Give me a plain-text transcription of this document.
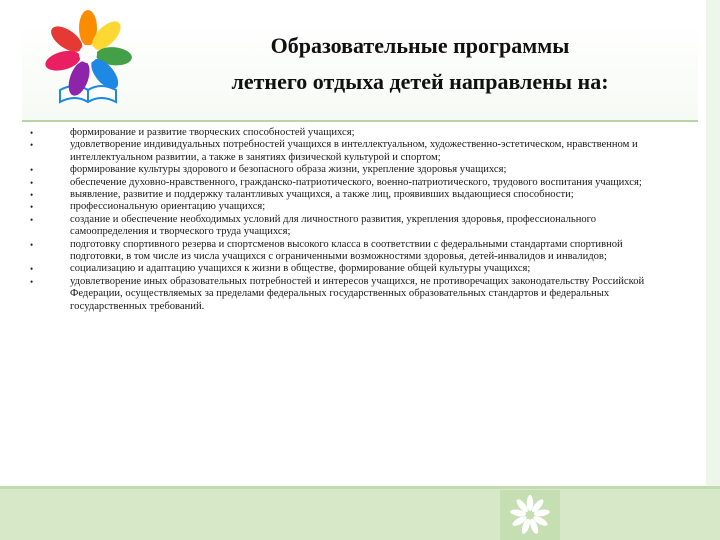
Образовательные программы
летнего отдыха детей направлены на:
•	формирование и развитие творческих способностей учащихся;
•	удовлетворение индивидуальных потребностей учащихся в интеллектуальном, художественно-эстетическом, нравственном и интеллектуальном развитии, а также в занятиях физической культурой и спортом;
•	формирование культуры здорового и безопасного образа жизни, укрепление здоровья учащихся;
•	обеспечение духовно-нравственного, гражданско-патриотического, военно-патриотического, трудового воспитания учащихся;
•	выявление, развитие и поддержку талантливых учащихся, а также лиц, проявивших выдающиеся способности;
•	профессиональную ориентацию учащихся;
•	создание и обеспечение необходимых условий для личностного развития, укрепления здоровья, профессионального самоопределения и творческого труда учащихся;
•	подготовку спортивного резерва и спортсменов высокого класса в соответствии с федеральными стандартами спортивной подготовки, в том числе из числа учащихся с ограниченными возможностями здоровья, детей-инвалидов и инвалидов;
•	социализацию и адаптацию учащихся к жизни в обществе, формирование общей культуры учащихся;
•	удовлетворение иных образовательных потребностей и интересов учащихся, не противоречащих законодательству Российской Федерации, осуществляемых за пределами федеральных государственных образовательных стандартов и федеральных государственных требований.
